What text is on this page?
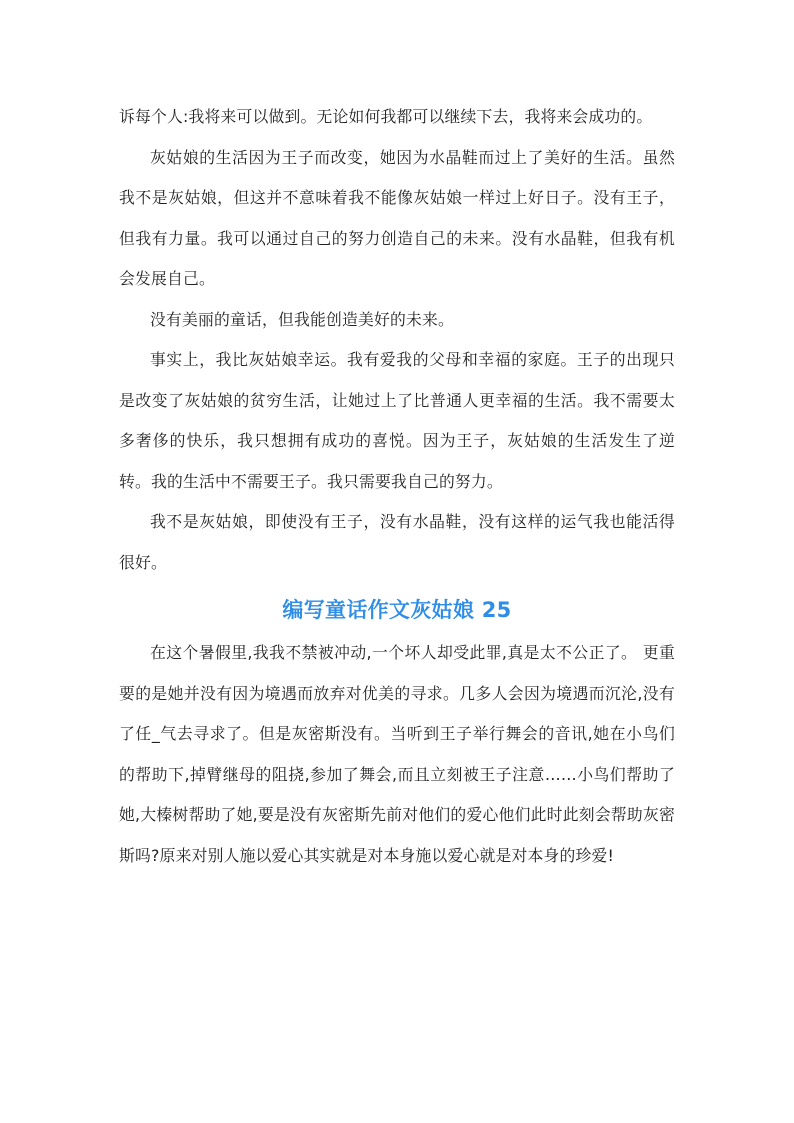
诉每个人:我将来可以做到。无论如何我都可以继续下去，我将来会成功的。

灰姑娘的生活因为王子而改变，她因为水晶鞋而过上了美好的生活。虽然我不是灰姑娘，但这并不意味着我不能像灰姑娘一样过上好日子。没有王子，但我有力量。我可以通过自己的努力创造自己的未来。没有水晶鞋，但我有机会发展自己。

没有美丽的童话，但我能创造美好的未来。

事实上，我比灰姑娘幸运。我有爱我的父母和幸福的家庭。王子的出现只是改变了灰姑娘的贫穷生活，让她过上了比普通人更幸福的生活。我不需要太多奢侈的快乐，我只想拥有成功的喜悦。因为王子，灰姑娘的生活发生了逆转。我的生活中不需要王子。我只需要我自己的努力。

我不是灰姑娘，即使没有王子，没有水晶鞋，没有这样的运气我也能活得很好。

编写童话作文灰姑娘 25

在这个暑假里,我我不禁被冲动,一个坏人却受此罪,真是太不公正了。 更重要的是她并没有因为境遇而放弃对优美的寻求。几多人会因为境遇而沉沦,没有了任_气去寻求了。但是灰密斯没有。当听到王子举行舞会的音讯,她在小鸟们的帮助下,掉臂继母的阻挠,参加了舞会,而且立刻被王子注意……小鸟们帮助了她,大榛树帮助了她,要是没有灰密斯先前对他们的爱心他们此时此刻会帮助灰密斯吗?原来对别人施以爱心其实就是对本身施以爱心就是对本身的珍爱!
